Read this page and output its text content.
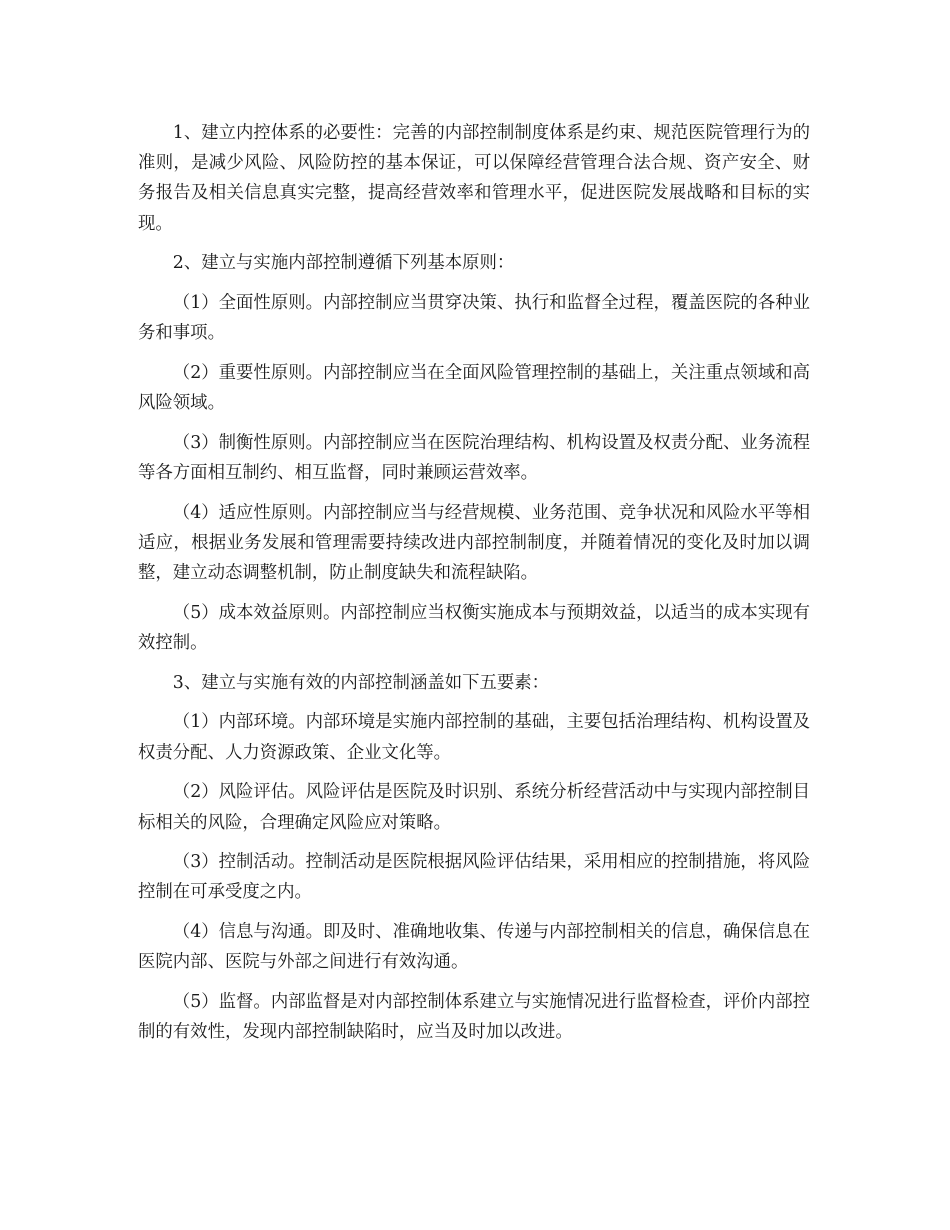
1、建立内控体系的必要性：完善的内部控制制度体系是约束、规范医院管理行为的准则，是减少风险、风险防控的基本保证，可以保障经营管理合法合规、资产安全、财务报告及相关信息真实完整，提高经营效率和管理水平，促进医院发展战略和目标的实现。

2、建立与实施内部控制遵循下列基本原则：

（1）全面性原则。内部控制应当贯穿决策、执行和监督全过程，覆盖医院的各种业务和事项。

（2）重要性原则。内部控制应当在全面风险管理控制的基础上，关注重点领域和高风险领域。

（3）制衡性原则。内部控制应当在医院治理结构、机构设置及权责分配、业务流程等各方面相互制约、相互监督，同时兼顾运营效率。

（4）适应性原则。内部控制应当与经营规模、业务范围、竞争状况和风险水平等相适应，根据业务发展和管理需要持续改进内部控制制度，并随着情况的变化及时加以调整，建立动态调整机制，防止制度缺失和流程缺陷。

（5）成本效益原则。内部控制应当权衡实施成本与预期效益，以适当的成本实现有效控制。

3、建立与实施有效的内部控制涵盖如下五要素：

（1）内部环境。内部环境是实施内部控制的基础，主要包括治理结构、机构设置及权责分配、人力资源政策、企业文化等。

（2）风险评估。风险评估是医院及时识别、系统分析经营活动中与实现内部控制目标相关的风险，合理确定风险应对策略。

（3）控制活动。控制活动是医院根据风险评估结果，采用相应的控制措施，将风险控制在可承受度之内。

（4）信息与沟通。即及时、准确地收集、传递与内部控制相关的信息，确保信息在医院内部、医院与外部之间进行有效沟通。

（5）监督。内部监督是对内部控制体系建立与实施情况进行监督检查，评价内部控制的有效性，发现内部控制缺陷时，应当及时加以改进。
